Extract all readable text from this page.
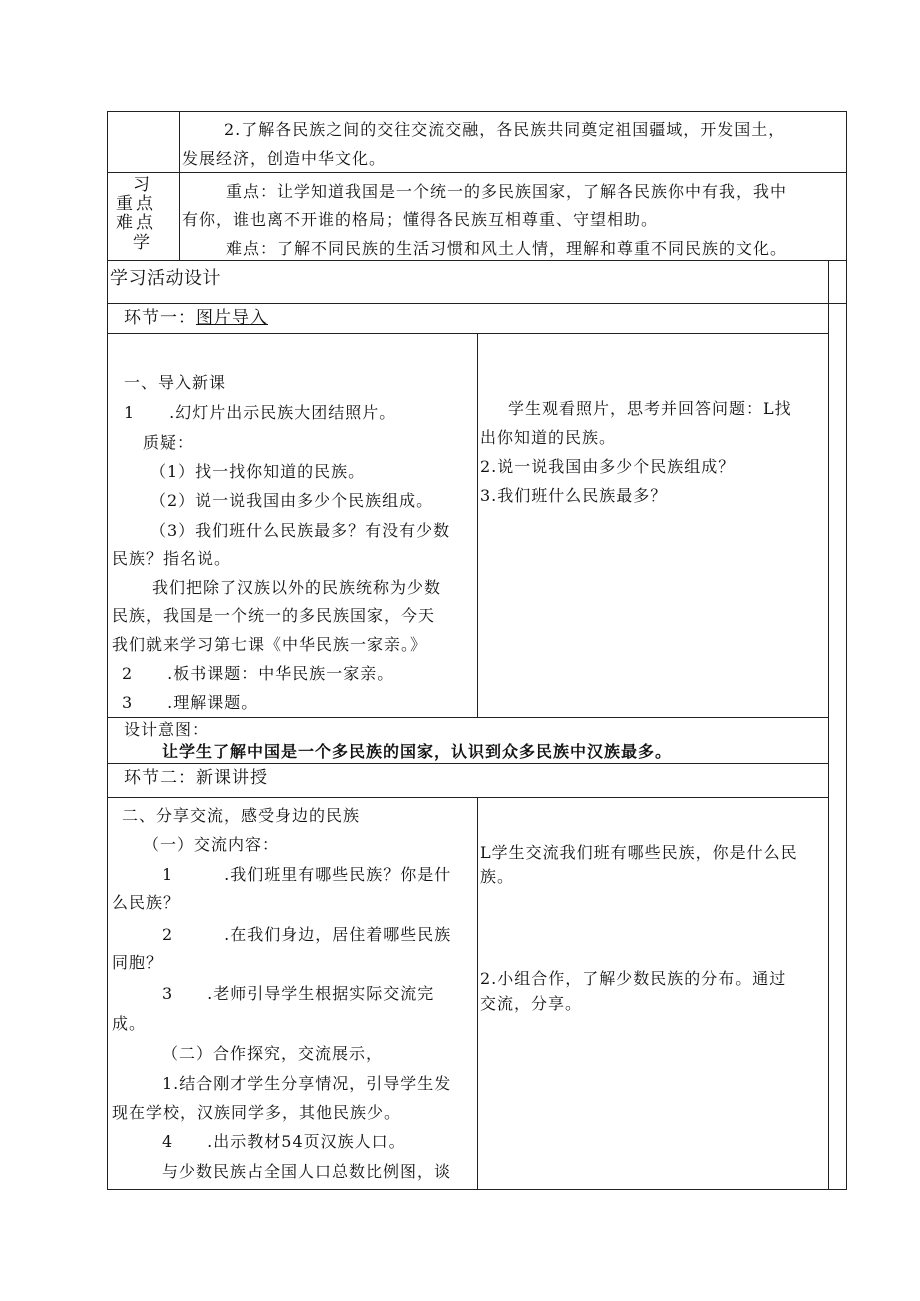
2.了解各民族之间的交往交流交融，各民族共同奠定祖国疆域，开发国土，
发展经济，创造中华文化。
习
重点
难点
学
重点：让学知道我国是一个统一的多民族国家，了解各民族你中有我，我中
有你，谁也离不开谁的格局；懂得各民族互相尊重、守望相助。
难点：了解不同民族的生活习惯和风土人情，理解和尊重不同民族的文化。
学习活动设计
环节一：图片导入
一、导入新课
1　　.幻灯片出示民族大团结照片。
质疑：
（1）找一找你知道的民族。
（2）说一说我国由多少个民族组成。
（3）我们班什么民族最多？有没有少数
民族？指名说。
我们把除了汉族以外的民族统称为少数
民族，我国是一个统一的多民族国家，今天
我们就来学习第七课《中华民族一家亲。》
2　　.板书课题：中华民族一家亲。
3　　.理解课题。
学生观看照片，思考并回答问题：L找
出你知道的民族。
2.说一说我国由多少个民族组成？
3.我们班什么民族最多？
设计意图：
让学生了解中国是一个多民族的国家，认识到众多民族中汉族最多。
环节二：新课讲授
二、分享交流，感受身边的民族
（一）交流内容：
1　　　.我们班里有哪些民族？你是什
么民族？
2　　　.在我们身边，居住着哪些民族
同胞？
3　　.老师引导学生根据实际交流完
成。
（二）合作探究，交流展示，
1.结合刚才学生分享情况，引导学生发
现在学校，汉族同学多，其他民族少。
4　　.出示教材54页汉族人口。
与少数民族占全国人口总数比例图，谈
L学生交流我们班有哪些民族，你是什么民
族。
2.小组合作，了解少数民族的分布。通过
交流，分享。
